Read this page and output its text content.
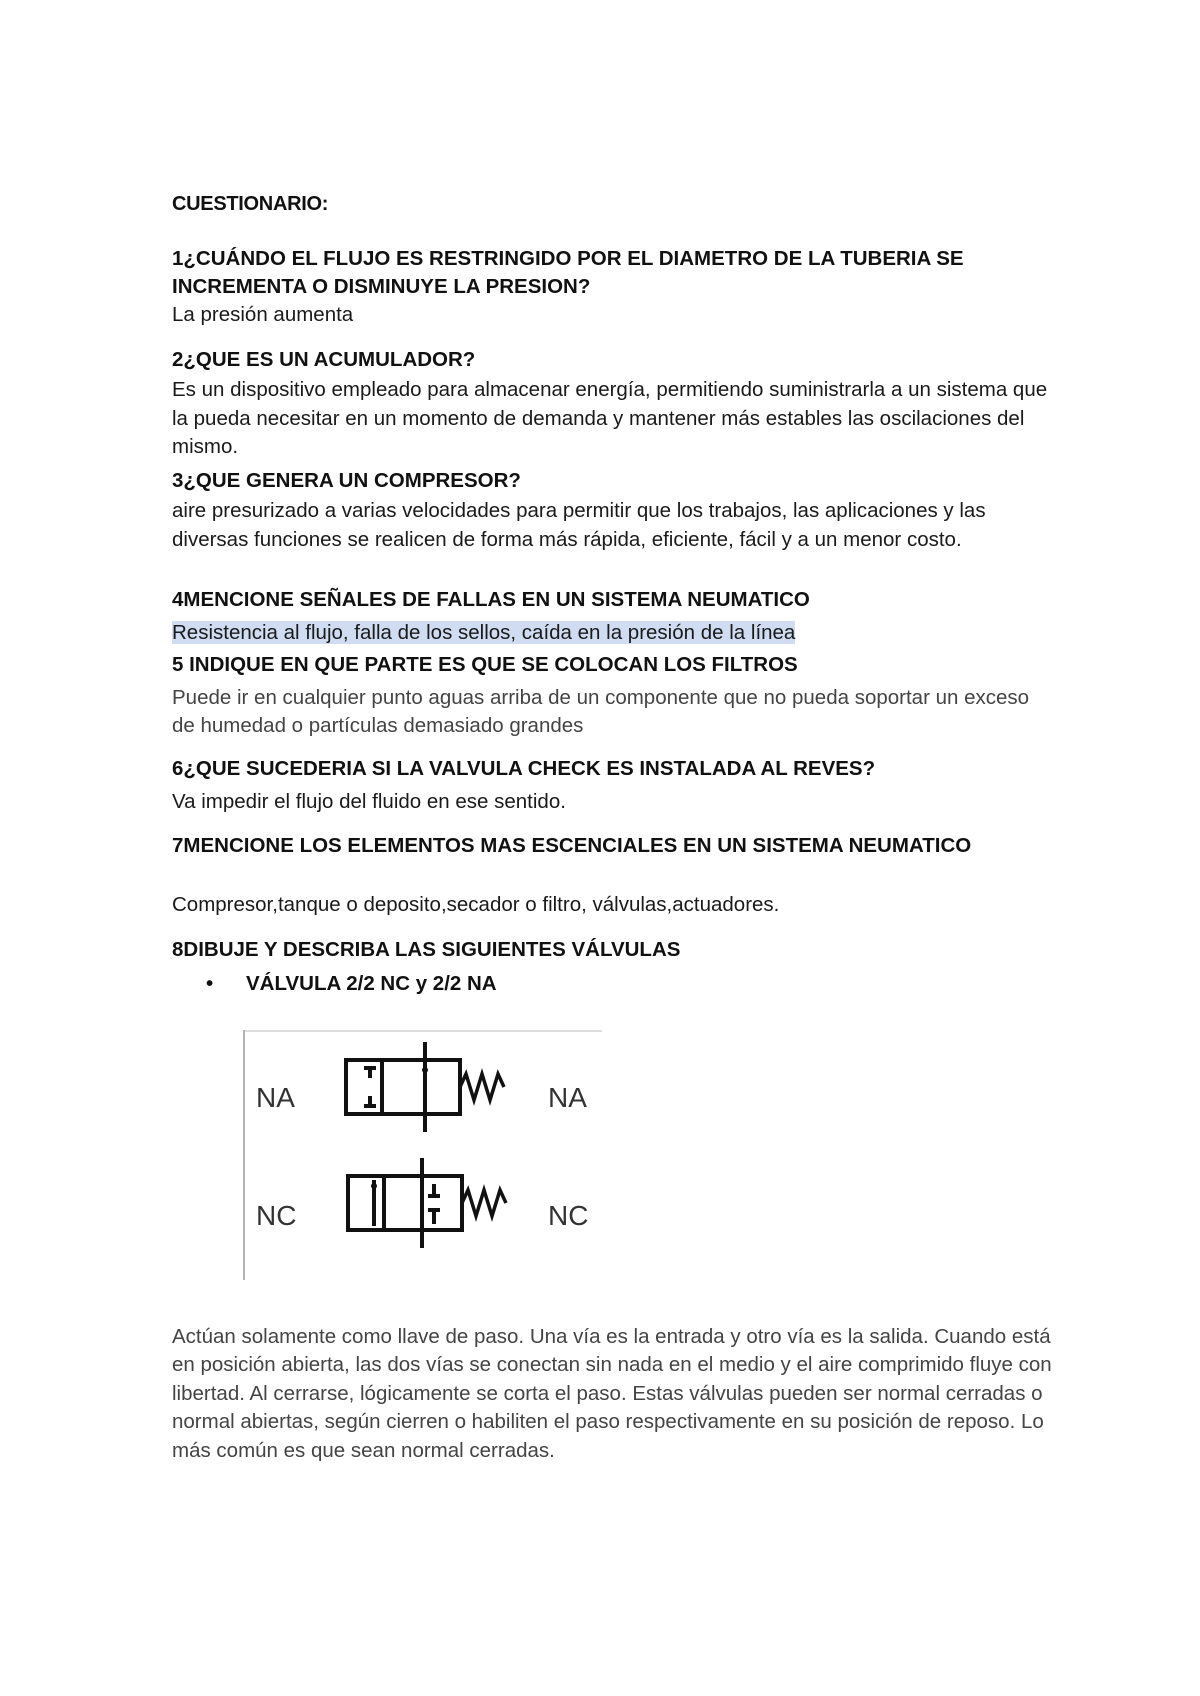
CUESTIONARIO:

1¿CUÁNDO EL FLUJO ES RESTRINGIDO POR EL DIAMETRO DE LA TUBERIA SE INCREMENTA O DISMINUYE LA PRESION?

La presión aumenta

2¿QUE ES UN ACUMULADOR?

Es un dispositivo empleado para almacenar energía, permitiendo suministrarla a un sistema que la pueda necesitar en un momento de demanda y mantener más estables las oscilaciones del mismo.

3¿QUE GENERA UN COMPRESOR?

aire presurizado a varias velocidades para permitir que los trabajos, las aplicaciones y las diversas funciones se realicen de forma más rápida, eficiente, fácil y a un menor costo.

4MENCIONE SEÑALES DE FALLAS EN UN SISTEMA NEUMATICO

Resistencia al flujo, falla de los sellos, caída en la presión de la línea

5 INDIQUE EN QUE PARTE ES QUE SE COLOCAN LOS FILTROS

Puede ir en cualquier punto aguas arriba de un componente que no pueda soportar un exceso de humedad o partículas demasiado grandes

6¿QUE SUCEDERIA SI LA VALVULA CHECK ES INSTALADA AL REVES?

Va impedir el flujo del fluido en ese sentido.

7MENCIONE LOS ELEMENTOS MAS ESCENCIALES EN UN SISTEMA NEUMATICO

Compresor,tanque o deposito,secador o filtro, válvulas,actuadores.

8DIBUJE Y DESCRIBA LAS SIGUIENTES VÁLVULAS

• VÁLVULA 2/2 NC y 2/2 NA

NA	NA
NC	NC

Actúan solamente como llave de paso. Una vía es la entrada y otro vía es la salida. Cuando está en posición abierta, las dos vías se conectan sin nada en el medio y el aire comprimido fluye con libertad. Al cerrarse, lógicamente se corta el paso. Estas válvulas pueden ser normal cerradas o normal abiertas, según cierren o habiliten el paso respectivamente en su posición de reposo. Lo más común es que sean normal cerradas.
